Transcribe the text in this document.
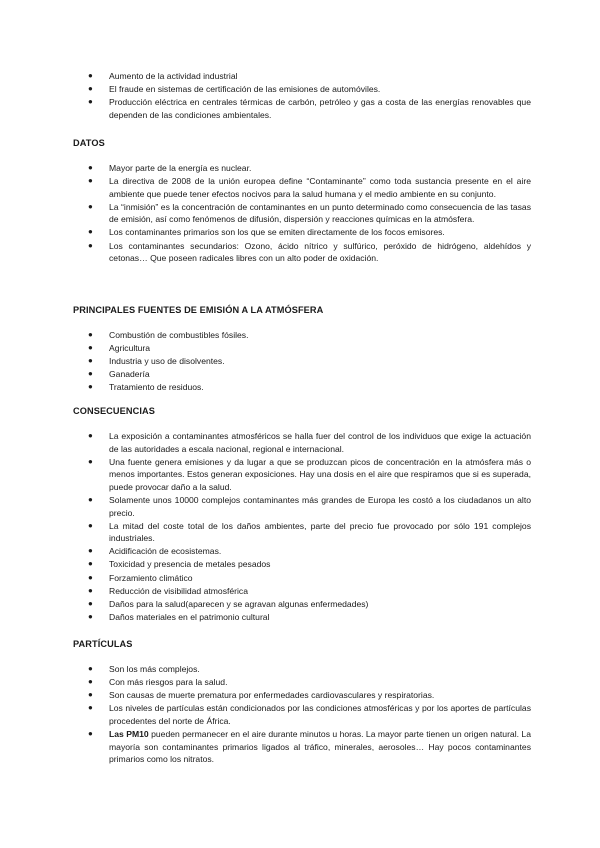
● Aumento de la actividad industrial
● El fraude en sistemas de certificación de las emisiones de automóviles.
● Producción eléctrica en centrales térmicas de carbón, petróleo y gas a costa de las energías renovables que dependen de las condiciones ambientales.
DATOS
● Mayor parte de la energía es nuclear.
● La directiva de 2008 de la unión europea define “Contaminante” como toda sustancia presente en el aire ambiente que puede tener efectos nocivos para la salud humana y el medio ambiente en su conjunto.
● La “inmisión” es la concentración de contaminantes en un punto determinado como consecuencia de las tasas de emisión, así como fenómenos de difusión, dispersión y reacciones químicas en la atmósfera.
● Los contaminantes primarios son los que se emiten directamente de los focos emisores.
● Los contaminantes secundarios: Ozono, ácido nítrico y sulfúrico, peróxido de hidrógeno, aldehídos y cetonas… Que poseen radicales libres con un alto poder de oxidación.
PRINCIPALES FUENTES DE EMISIÓN A LA ATMÓSFERA
● Combustión de combustibles fósiles.
● Agricultura
● Industria y uso de disolventes.
● Ganadería
● Tratamiento de residuos.
CONSECUENCIAS
● La exposición a contaminantes atmosféricos se halla fuer del control de los individuos que exige la actuación de las autoridades a escala nacional, regional e internacional.
● Una fuente genera emisiones y da lugar a que se produzcan picos de concentración en la atmósfera más o menos importantes. Estos generan exposiciones. Hay una dosis en el aire que respiramos que si es superada, puede provocar daño a la salud.
● Solamente unos 10000 complejos contaminantes más grandes de Europa les costó a los ciudadanos un alto precio.
● La mitad del coste total de los daños ambientes, parte del precio fue provocado por sólo 191 complejos industriales.
● Acidificación de ecosistemas.
● Toxicidad y presencia de metales pesados
● Forzamiento climático
● Reducción de visibilidad atmosférica
● Daños para la salud(aparecen y se agravan algunas enfermedades)
● Daños materiales en el patrimonio cultural
PARTÍCULAS
● Son los más complejos.
● Con más riesgos para la salud.
● Son causas de muerte prematura por enfermedades cardiovasculares y respiratorias.
● Los niveles de partículas están condicionados por las condiciones atmosféricas y por los aportes de partículas procedentes del norte de África.
● Las PM10 pueden permanecer en el aire durante minutos u horas. La mayor parte tienen un origen natural. La mayoría son contaminantes primarios ligados al tráfico, minerales, aerosoles… Hay pocos contaminantes primarios como los nitratos.
